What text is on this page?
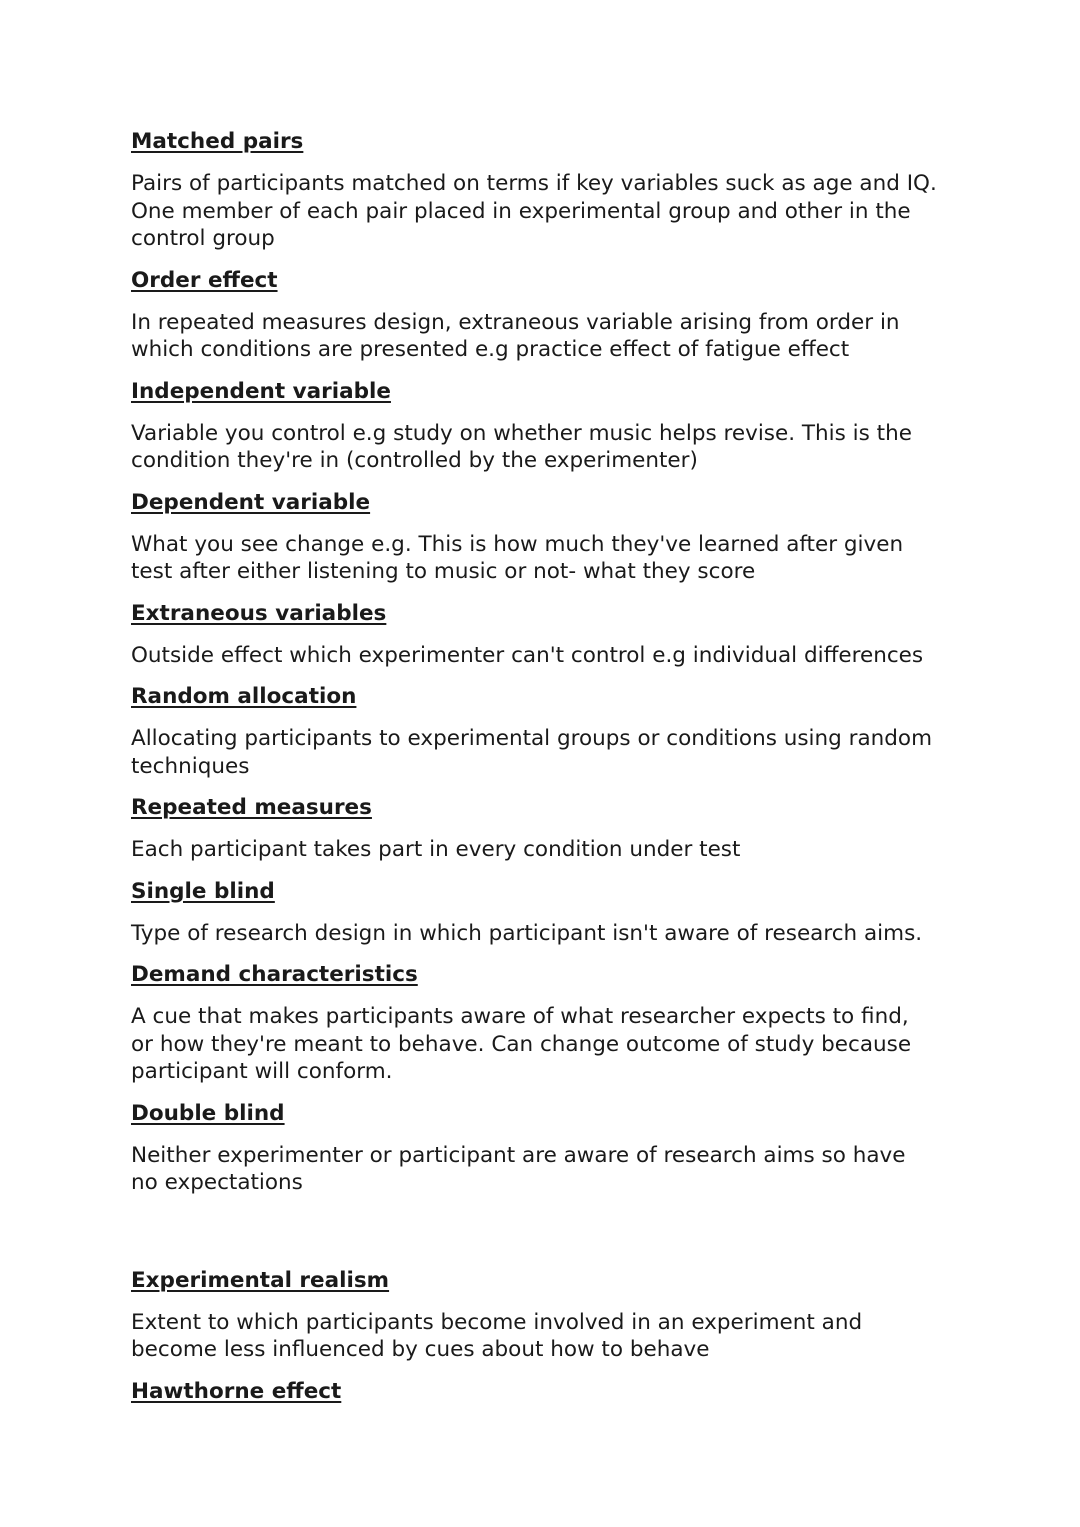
Matched pairs
Pairs of participants matched on terms if key variables suck as age and IQ.
One member of each pair placed in experimental group and other in the
control group
Order effect
In repeated measures design, extraneous variable arising from order in
which conditions are presented e.g practice effect of fatigue effect
Independent variable
Variable you control e.g study on whether music helps revise. This is the
condition they're in (controlled by the experimenter)
Dependent variable
What you see change e.g. This is how much they've learned after given
test after either listening to music or not- what they score
Extraneous variables
Outside effect which experimenter can't control e.g individual differences
Random allocation
Allocating participants to experimental groups or conditions using random
techniques
Repeated measures
Each participant takes part in every condition under test
Single blind
Type of research design in which participant isn't aware of research aims.
Demand characteristics
A cue that makes participants aware of what researcher expects to find,
or how they're meant to behave. Can change outcome of study because
participant will conform.
Double blind
Neither experimenter or participant are aware of research aims so have
no expectations
Experimental realism
Extent to which participants become involved in an experiment and
become less influenced by cues about how to behave
Hawthorne effect
